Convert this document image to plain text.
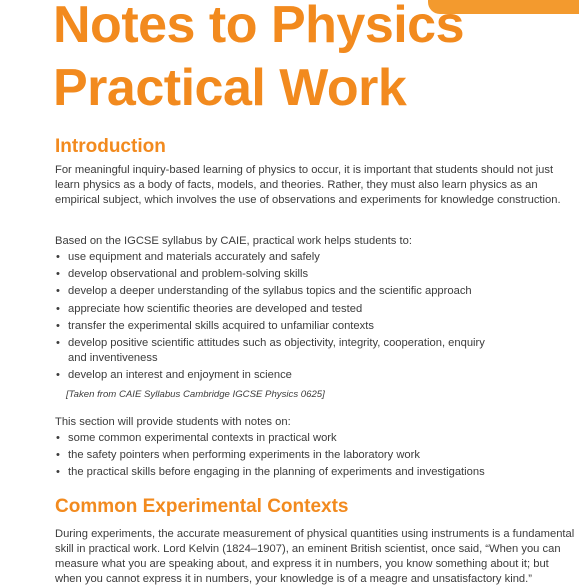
Notes to Physics
Practical Work
Introduction

For meaningful inquiry-based learning of physics to occur, it is important that students should not just learn physics as a body of facts, models, and theories. Rather, they must also learn physics as an empirical subject, which involves the use of observations and experiments for knowledge construction.

Based on the IGCSE syllabus by CAIE, practical work helps students to:

• use equipment and materials accurately and safely
• develop observational and problem-solving skills
• develop a deeper understanding of the syllabus topics and the scientific approach
• appreciate how scientific theories are developed and tested
• transfer the experimental skills acquired to unfamiliar contexts
• develop positive scientific attitudes such as objectivity, integrity, cooperation, enquiry and inventiveness
• develop an interest and enjoyment in science

[Taken from CAIE Syllabus Cambridge IGCSE Physics 0625]

This section will provide students with notes on:

• some common experimental contexts in practical work
• the safety pointers when performing experiments in the laboratory work
• the practical skills before engaging in the planning of experiments and investigations
Common Experimental Contexts

During experiments, the accurate measurement of physical quantities using instruments is a fundamental skill in practical work. Lord Kelvin (1824–1907), an eminent British scientist, once said, “When you can measure what you are speaking about, and express it in numbers, you know something about it; but when you cannot express it in numbers, your knowledge is of a meagre and unsatisfactory kind.”
